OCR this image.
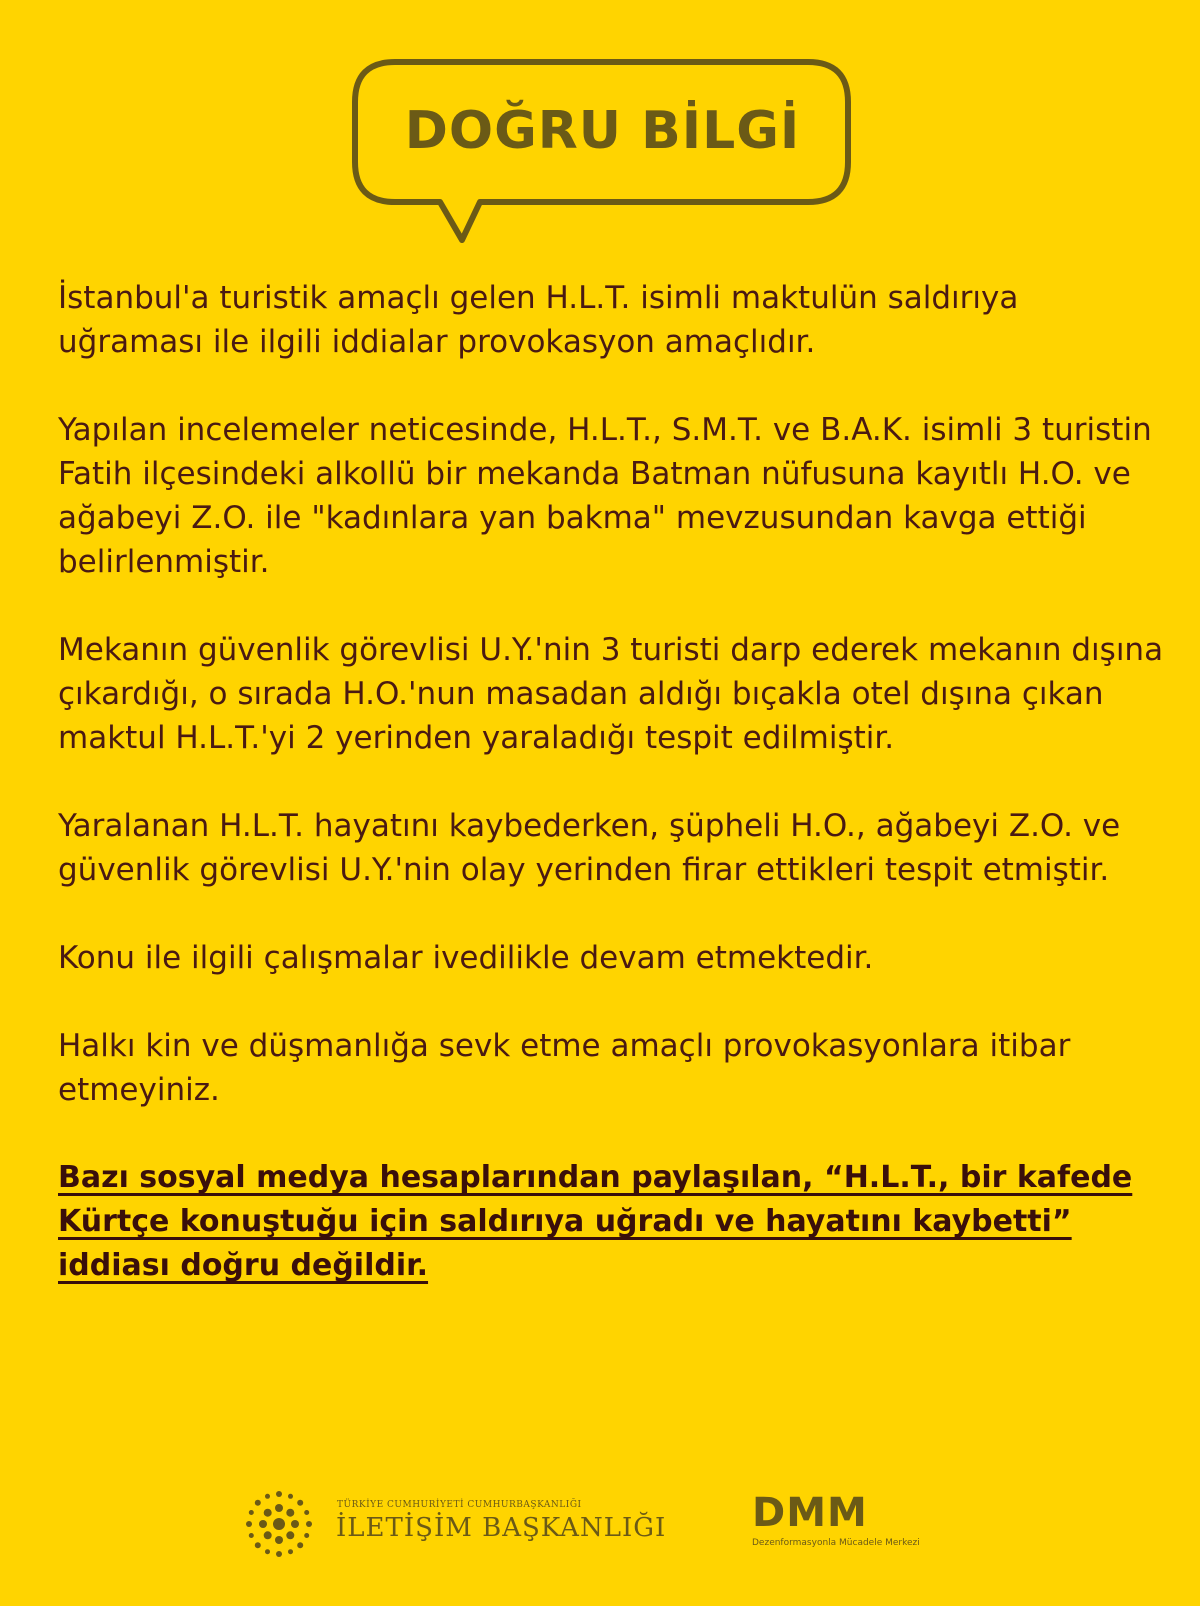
DOĞRU BİLGİ

İstanbul'a turistik amaçlı gelen H.L.T. isimli maktulün saldırıya uğraması ile ilgili iddialar provokasyon amaçlıdır.

Yapılan incelemeler neticesinde, H.L.T., S.M.T. ve B.A.K. isimli 3 turistin Fatih ilçesindeki alkollü bir mekanda Batman nüfusuna kayıtlı H.O. ve ağabeyi Z.O. ile "kadınlara yan bakma" mevzusundan kavga ettiği belirlenmiştir.

Mekanın güvenlik görevlisi U.Y.'nin 3 turisti darp ederek mekanın dışına çıkardığı, o sırada H.O.'nun masadan aldığı bıçakla otel dışına çıkan maktul H.L.T.'yi 2 yerinden yaraladığı tespit edilmiştir.

Yaralanan H.L.T. hayatını kaybederken, şüpheli H.O., ağabeyi Z.O. ve güvenlik görevlisi U.Y.'nin olay yerinden firar ettikleri tespit etmiştir.

Konu ile ilgili çalışmalar ivedilikle devam etmektedir.

Halkı kin ve düşmanlığa sevk etme amaçlı provokasyonlara itibar etmeyiniz.

Bazı sosyal medya hesaplarından paylaşılan, “H.L.T., bir kafede Kürtçe konuştuğu için saldırıya uğradı ve hayatını kaybetti” iddiası doğru değildir.

TÜRKİYE CUMHURİYETİ CUMHURBAŞKANLIĞI
İLETİŞİM BAŞKANLIĞI DMM
Dezenformasyonla Mücadele Merkezi
